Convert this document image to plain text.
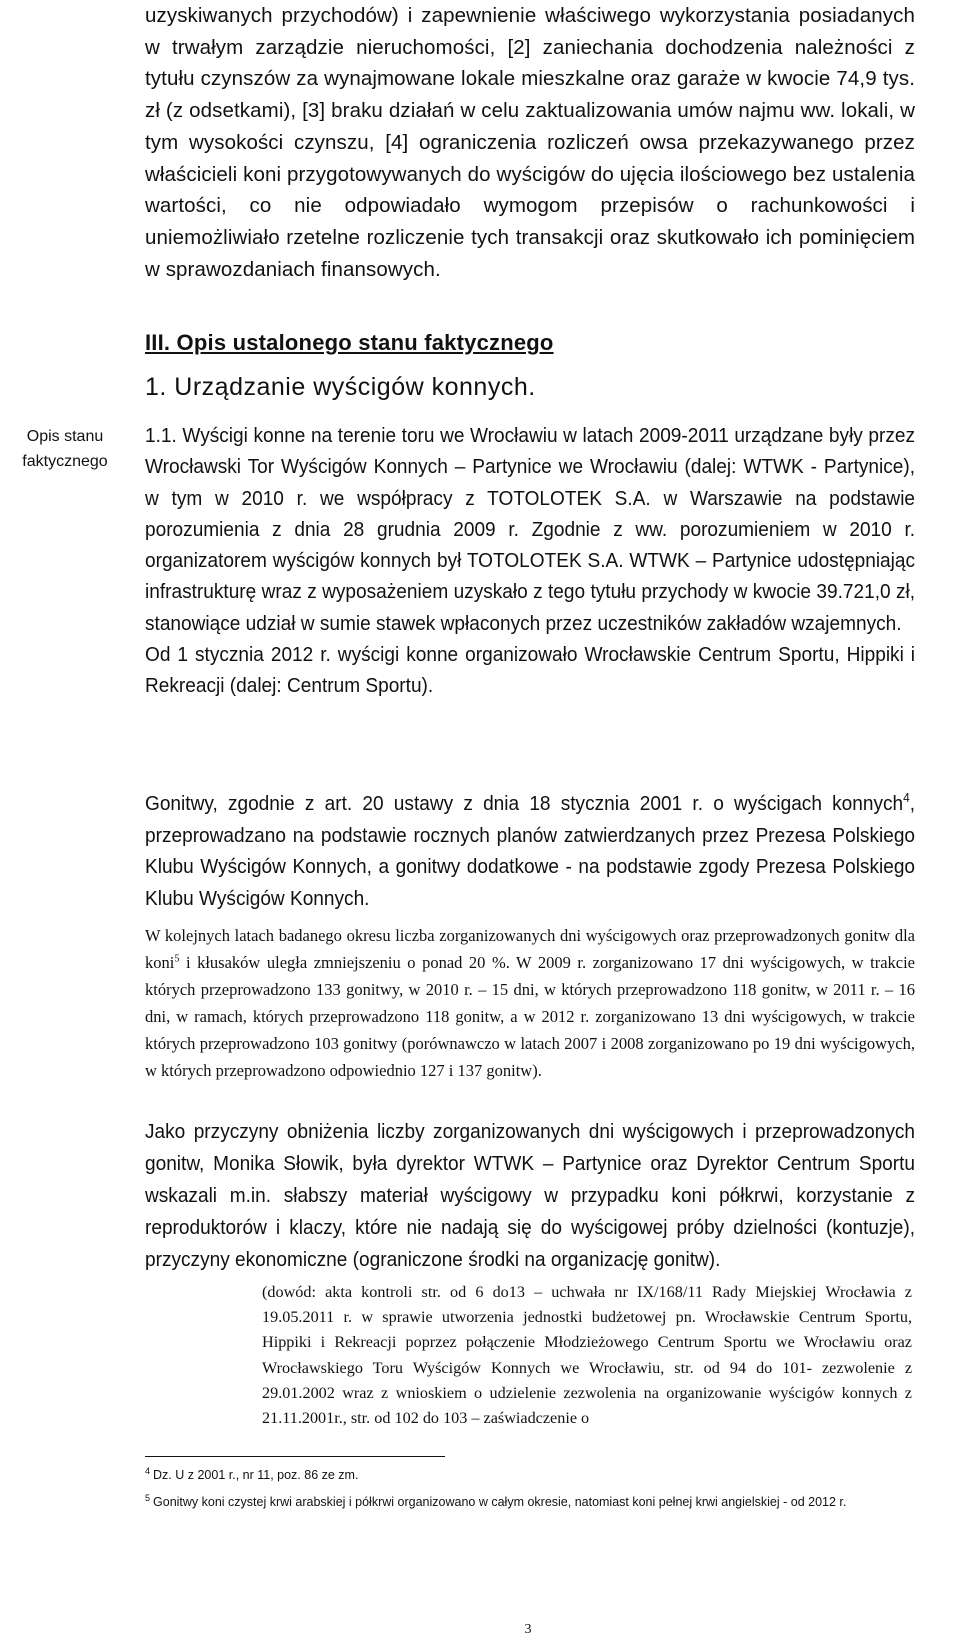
uzyskiwanych przychodów) i zapewnienie właściwego wykorzystania posiadanych w trwałym zarządzie nieruchomości, [2] zaniechania dochodzenia należności z tytułu czynszów za wynajmowane lokale mieszkalne oraz garaże w kwocie 74,9 tys. zł (z odsetkami), [3] braku działań w celu zaktualizowania umów najmu ww. lokali, w tym wysokości czynszu, [4] ograniczenia rozliczeń owsa przekazywanego przez właścicieli koni przygotowywanych do wyścigów do ujęcia ilościowego bez ustalenia wartości, co nie odpowiadało wymogom przepisów o rachunkowości i uniemożliwiało rzetelne rozliczenie tych transakcji oraz skutkowało ich pominięciem w sprawozdaniach finansowych.
III. Opis ustalonego stanu faktycznego
1. Urządzanie wyścigów konnych.
Opis stanu faktycznego
1.1. Wyścigi konne na terenie toru we Wrocławiu w latach 2009-2011 urządzane były przez Wrocławski Tor Wyścigów Konnych – Partynice we Wrocławiu (dalej: WTWK - Partynice), w tym w 2010 r. we współpracy z TOTOLOTEK S.A. w Warszawie na podstawie porozumienia z dnia 28 grudnia 2009 r. Zgodnie z ww. porozumieniem w 2010 r. organizatorem wyścigów konnych był TOTOLOTEK S.A. WTWK – Partynice udostępniając infrastrukturę wraz z wyposażeniem uzyskało z tego tytułu przychody w kwocie 39.721,0 zł, stanowiące udział w sumie stawek wpłaconych przez uczestników zakładów wzajemnych.
Od 1 stycznia 2012 r. wyścigi konne organizowało Wrocławskie Centrum Sportu, Hippiki i Rekreacji (dalej: Centrum Sportu).
Gonitwy, zgodnie z art. 20 ustawy z dnia 18 stycznia 2001 r. o wyścigach konnych$^4$, przeprowadzano na podstawie rocznych planów zatwierdzanych przez Prezesa Polskiego Klubu Wyścigów Konnych, a gonitwy dodatkowe - na podstawie zgody Prezesa Polskiego Klubu Wyścigów Konnych.
W kolejnych latach badanego okresu liczba zorganizowanych dni wyścigowych oraz przeprowadzonych gonitw dla koni$^5$ i kłusaków uległa zmniejszeniu o ponad 20 %. W 2009 r. zorganizowano 17 dni wyścigowych, w trakcie których przeprowadzono 133 gonitwy, w 2010 r. – 15 dni, w których przeprowadzono 118 gonitw, w 2011 r. – 16 dni, w ramach, których przeprowadzono 118 gonitw, a w 2012 r. zorganizowano 13 dni wyścigowych, w trakcie których przeprowadzono 103 gonitwy (porównawczo w latach 2007 i 2008 zorganizowano po 19 dni wyścigowych, w których przeprowadzono odpowiednio 127 i 137 gonitw).
Jako przyczyny obniżenia liczby zorganizowanych dni wyścigowych i przeprowadzonych gonitw, Monika Słowik, była dyrektor WTWK – Partynice oraz Dyrektor Centrum Sportu wskazali m.in. słabszy materiał wyścigowy w przypadku koni półkrwi, korzystanie z reproduktorów i klaczy, które nie nadają się do wyścigowej próby dzielności (kontuzje), przyczyny ekonomiczne (ograniczone środki na organizację gonitw).
(dowód: akta kontroli str. od 6 do13 – uchwała nr IX/168/11 Rady Miejskiej Wrocławia z 19.05.2011 r. w sprawie utworzenia jednostki budżetowej pn. Wrocławskie Centrum Sportu, Hippiki i Rekreacji poprzez połączenie Młodzieżowego Centrum Sportu we Wrocławiu oraz Wrocławskiego Toru Wyścigów Konnych we Wrocławiu, str. od 94 do 101- zezwolenie z 29.01.2002 wraz z wnioskiem o udzielenie zezwolenia na organizowanie wyścigów konnych z 21.11.2001r., str. od 102 do 103 – zaświadczenie o
$^4$ Dz. U z 2001 r., nr 11, poz. 86 ze zm.
$^5$ Gonitwy koni czystej krwi arabskiej i półkrwi organizowano w całym okresie, natomiast koni pełnej krwi angielskiej - od 2012 r.
3
